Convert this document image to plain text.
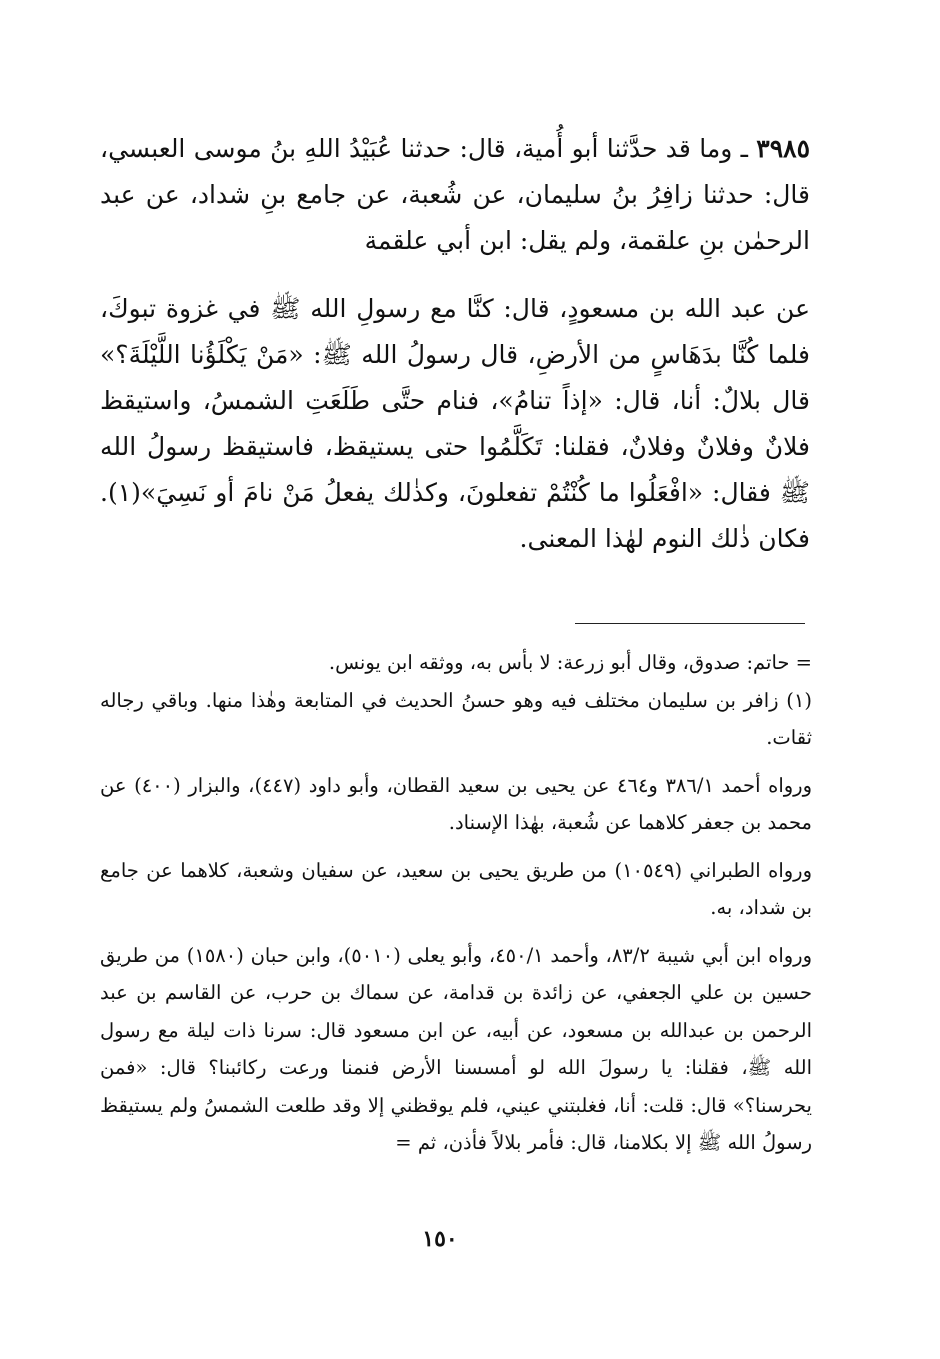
٣٩٨٥ ـ وما قد حدَّثنا أبو أُمية، قال: حدثنا عُبَيْدُ اللهِ بنُ موسى العبسي، قال: حدثنا زافِرُ بنُ سليمان، عن شُعبة، عن جامع بنِ شداد، عن عبد الرحمٰن بنِ علقمة، ولم يقل: ابن أبي علقمة

عن عبد الله بن مسعودٍ، قال: كنَّا مع رسولِ الله ﷺ في غزوة تبوكَ، فلما كُنَّا بدَهَاسٍ من الأرضِ، قال رسولُ الله ﷺ: «مَنْ يَكْلَؤُنا اللَّيْلَةَ؟» قال بلالٌ: أنا، قال: «إذاً تنامُ»، فنام حتَّى طَلَعَتِ الشمسُ، واستيقظ فلانٌ وفلانٌ وفلانٌ، فقلنا: تَكَلَّمُوا حتى يستيقظ، فاستيقظ رسولُ الله ﷺ فقال: «افْعَلُوا ما كُنْتُمْ تفعلونَ، وكذٰلك يفعلُ مَنْ نامَ أو نَسِيَ»(١). فكان ذٰلك النوم لهٰذا المعنى.

= حاتم: صدوق، وقال أبو زرعة: لا بأس به، ووثقه ابن يونس.

(١) زافر بن سليمان مختلف فيه وهو حسنُ الحديث في المتابعة وهٰذا منها. وباقي رجاله ثقات.

ورواه أحمد ٣٨٦/١ و٤٦٤ عن يحيى بن سعيد القطان، وأبو داود (٤٤٧)، والبزار (٤٠٠) عن محمد بن جعفر كلاهما عن شُعبة، بهٰذا الإسناد.

ورواه الطبراني (١٠٥٤٩) من طريق يحيى بن سعيد، عن سفيان وشعبة، كلاهما عن جامع بن شداد، به.

ورواه ابن أبي شيبة ٨٣/٢، وأحمد ٤٥٠/١، وأبو يعلى (٥٠١٠)، وابن حبان (١٥٨٠) من طريق حسين بن علي الجعفي، عن زائدة بن قدامة، عن سماك بن حرب، عن القاسم بن عبد الرحمن بن عبدالله بن مسعود، عن أبيه، عن ابن مسعود قال: سرنا ذات ليلة مع رسول الله ﷺ، فقلنا: يا رسولَ الله لو أمسسنا الأرض فنمنا ورعت ركائبنا؟ قال: «فمن يحرسنا؟» قال: قلت: أنا، فغلبتني عيني، فلم يوقظني إلا وقد طلعت الشمسُ ولم يستيقظ رسولُ الله ﷺ إلا بكلامنا، قال: فأمر بلالاً فأذن، ثم =

١٥٠
